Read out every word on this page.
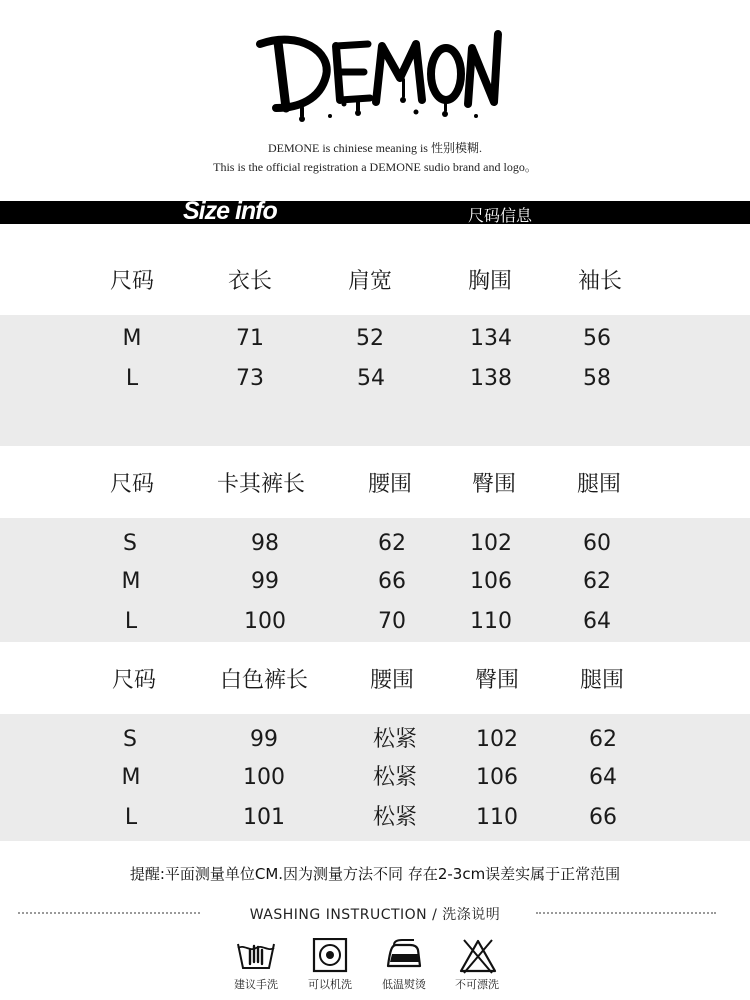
DEMONE is chiniese meaning is 性别模糊.
This is the official registration a DEMONE sudio brand and logo。
Size info	尺码信息
尺码	衣长	肩宽	胸围	袖长
M	71	52	134	56
L	73	54	138	58
尺码	卡其裤长	腰围	臀围	腿围
S	98	62	102	60
M	99	66	106	62
L	100	70	110	64
尺码	白色裤长	腰围	臀围	腿围
S	99	松紧	102	62
M	100	松紧	106	64
L	101	松紧	110	66
提醒:平面测量单位CM.因为测量方法不同 存在2-3cm误差实属于正常范围
WASHING INSTRUCTION / 洗涤说明
建议手洗	可以机洗	低温熨烫	不可漂洗
